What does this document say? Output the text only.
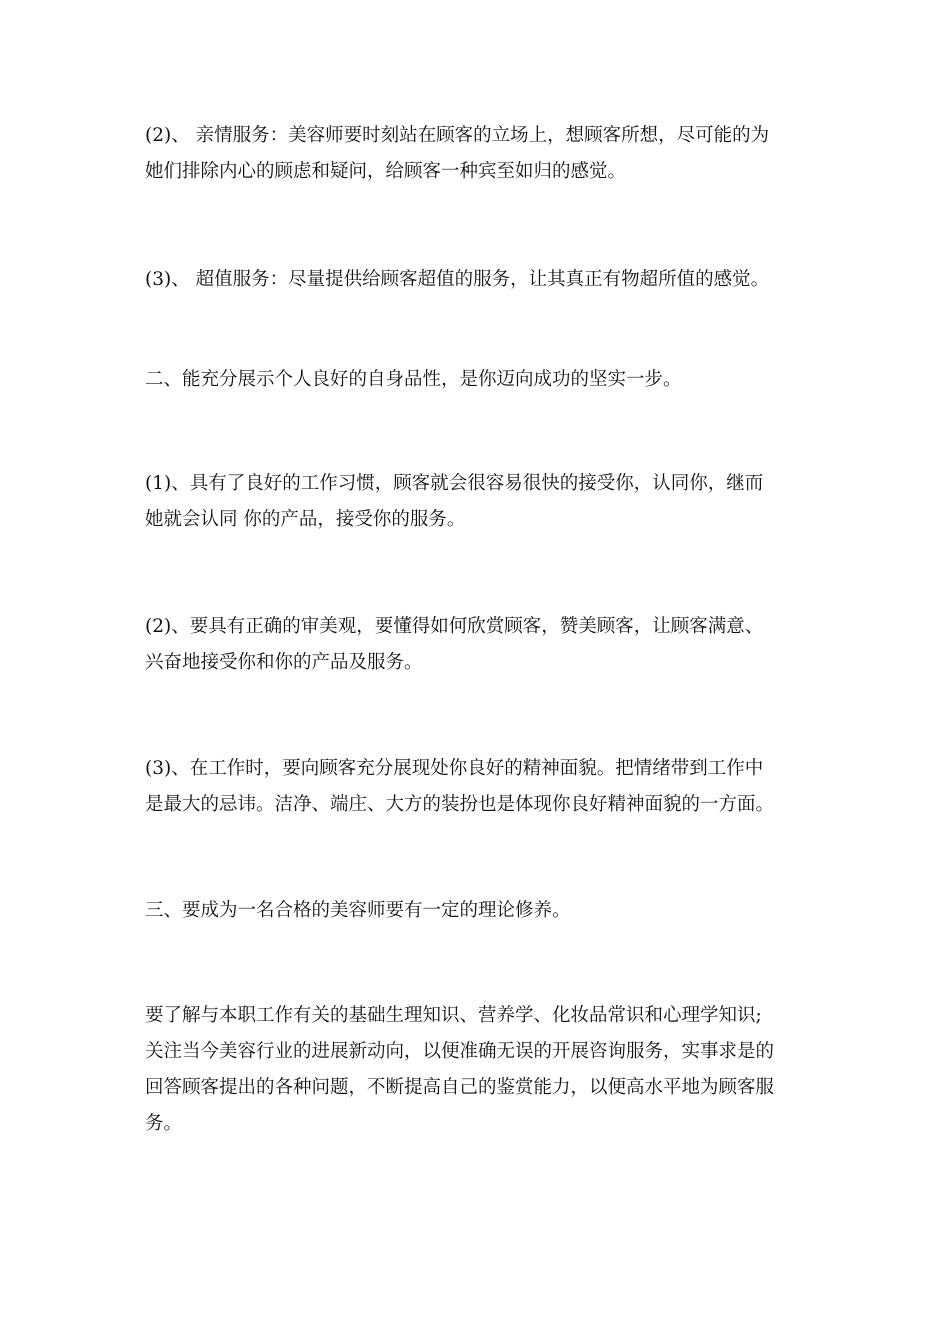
(2)、 亲情服务：美容师要时刻站在顾客的立场上，想顾客所想，尽可能的为
她们排除内心的顾虑和疑问，给顾客一种宾至如归的感觉。

(3)、 超值服务：尽量提供给顾客超值的服务，让其真正有物超所值的感觉。

二、能充分展示个人良好的自身品性，是你迈向成功的坚实一步。

(1)、具有了良好的工作习惯，顾客就会很容易很快的接受你，认同你，继而
她就会认同 你的产品，接受你的服务。

(2)、要具有正确的审美观，要懂得如何欣赏顾客，赞美顾客，让顾客满意、
兴奋地接受你和你的产品及服务。

(3)、在工作时，要向顾客充分展现处你良好的精神面貌。把情绪带到工作中
是最大的忌讳。洁净、端庄、大方的装扮也是体现你良好精神面貌的一方面。

三、要成为一名合格的美容师要有一定的理论修养。

要了解与本职工作有关的基础生理知识、营养学、化妆品常识和心理学知识;
关注当今美容行业的进展新动向，以便准确无误的开展咨询服务，实事求是的
回答顾客提出的各种问题，不断提高自己的鉴赏能力，以便高水平地为顾客服
务。
